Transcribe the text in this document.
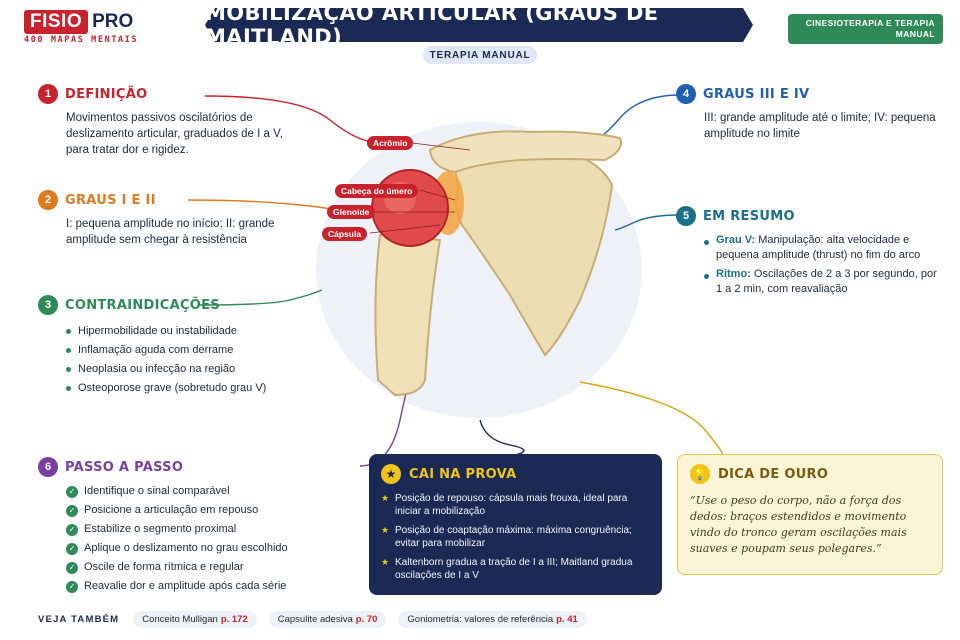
FISIO PRO
400 MAPAS MENTAIS
MOBILIZAÇÃO ARTICULAR (GRAUS DE MAITLAND)
TERAPIA MANUAL
CINESIOTERAPIA E TERAPIA MANUAL
Acrômio
Cabeça do úmero
Glenoide
Cápsula
1	DEFINIÇÃO
Movimentos passivos oscilatórios de deslizamento articular, graduados de I a V, para tratar dor e rigidez.
2	GRAUS I E II
I: pequena amplitude no início; II: grande amplitude sem chegar à resistência
3	CONTRAINDICAÇÕES
Hipermobilidade ou instabilidade
Inflamação aguda com derrame
Neoplasia ou infecção na região
Osteoporose grave (sobretudo grau V)
4	GRAUS III E IV
III: grande amplitude até o limite; IV: pequena amplitude no limite
5	EM RESUMO
Grau V: Manipulação: alta velocidade e pequena amplitude (thrust) no fim do arco
Ritmo: Oscilações de 2 a 3 por segundo, por 1 a 2 min, com reavaliação
6	PASSO A PASSO
✓ Identifique o sinal comparável
✓ Posicione a articulação em repouso
✓ Estabilize o segmento proximal
✓ Aplique o deslizamento no grau escolhido
✓ Oscile de forma rítmica e regular
✓ Reavalie dor e amplitude após cada série
★ CAI NA PROVA
★ Posição de repouso: cápsula mais frouxa, ideal para iniciar a mobilização
★ Posição de coaptação máxima: máxima congruência; evitar para mobilizar
★ Kaltenborn gradua a tração de I a III; Maitland gradua oscilações de I a V
💡 DICA DE OURO
“Use o peso do corpo, não a força dos dedos: braços estendidos e movimento vindo do tronco geram oscilações mais suaves e poupam seus polegares.”
VEJA TAMBÉM	Conceito Mulligan p. 172	Capsulite adesiva p. 70	Goniometria: valores de referência p. 41
